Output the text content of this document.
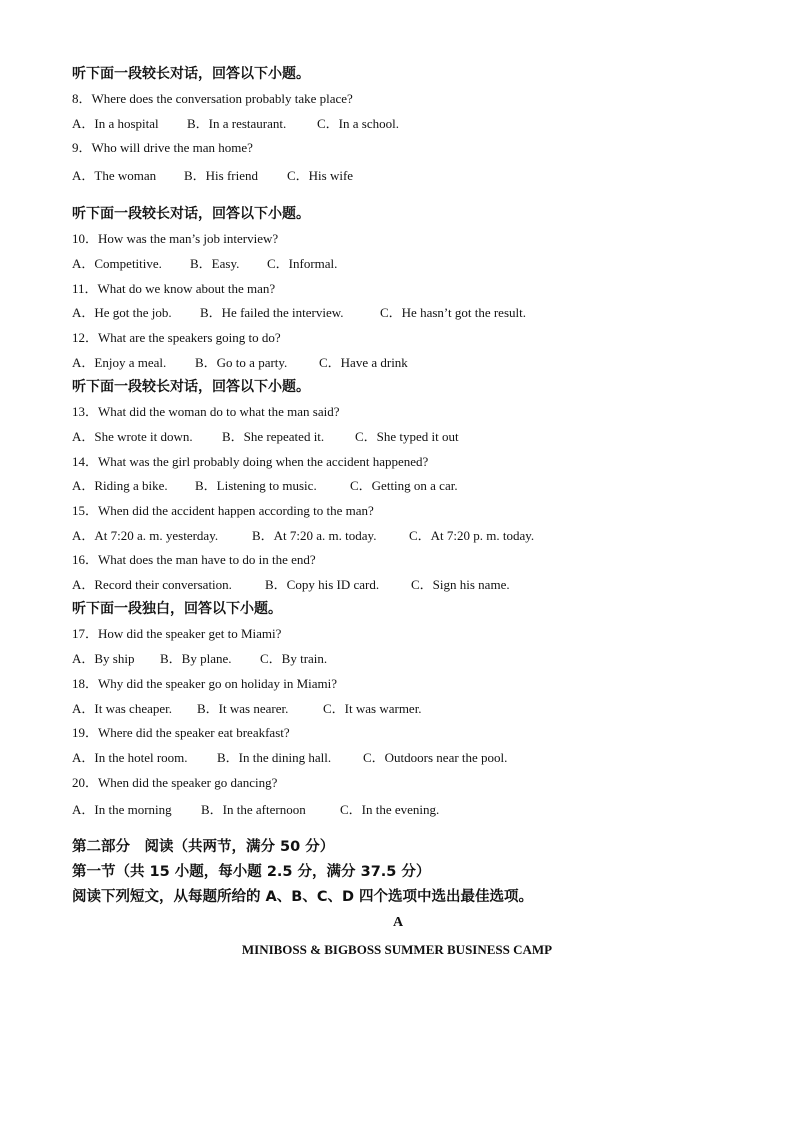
听下面一段较长对话，回答以下小题。
8．Where does the conversation probably take place?
A．In a hospital B．In a restaurant. C．In a school.
9．Who will drive the man home?
A．The woman B．His friend C．His wife
听下面一段较长对话，回答以下小题。
10．How was the man’s job interview?
A．Competitive. B．Easy. C．Informal.
11．What do we know about the man?
A．He got the job. B．He failed the interview.	C．He hasn’t got the result.
12．What are the speakers going to do?
A．Enjoy a meal. B．Go to a party. C．Have a drink
听下面一段较长对话，回答以下小题。
13．What did the woman do to what the man said?
A．She wrote it down. B．She repeated it. C．She typed it out
14．What was the girl probably doing when the accident happened?
A．Riding a bike. B．Listening to music.	C．Getting on a car.
15．When did the accident happen according to the man?
A．At 7:20 a. m. yesterday.	B．At 7:20 a. m. today.	C．At 7:20 p. m. today.
16．What does the man have to do in the end?
A．Record their conversation.	B．Copy his ID card. C．Sign his name.
听下面一段独白，回答以下小题。
17．How did the speaker get to Miami?
A．By ship B．By plane. C．By train.
18．Why did the speaker go on holiday in Miami?
A．It was cheaper. B．It was nearer.	C．It was warmer.
19．Where did the speaker eat breakfast?
A．In the hotel room. B．In the dining hall. C．Outdoors near the pool.
20．When did the speaker go dancing?
A．In the morning B．In the afternoon	C．In the evening.
第二部分　阅读（共两节，满分 50 分）
第一节（共 15 小题，每小题 2.5 分，满分 37.5 分）
阅读下列短文，从每题所给的 A、B、C、D 四个选项中选出最佳选项。
A
MINIBOSS & BIGBOSS SUMMER BUSINESS CAMP
